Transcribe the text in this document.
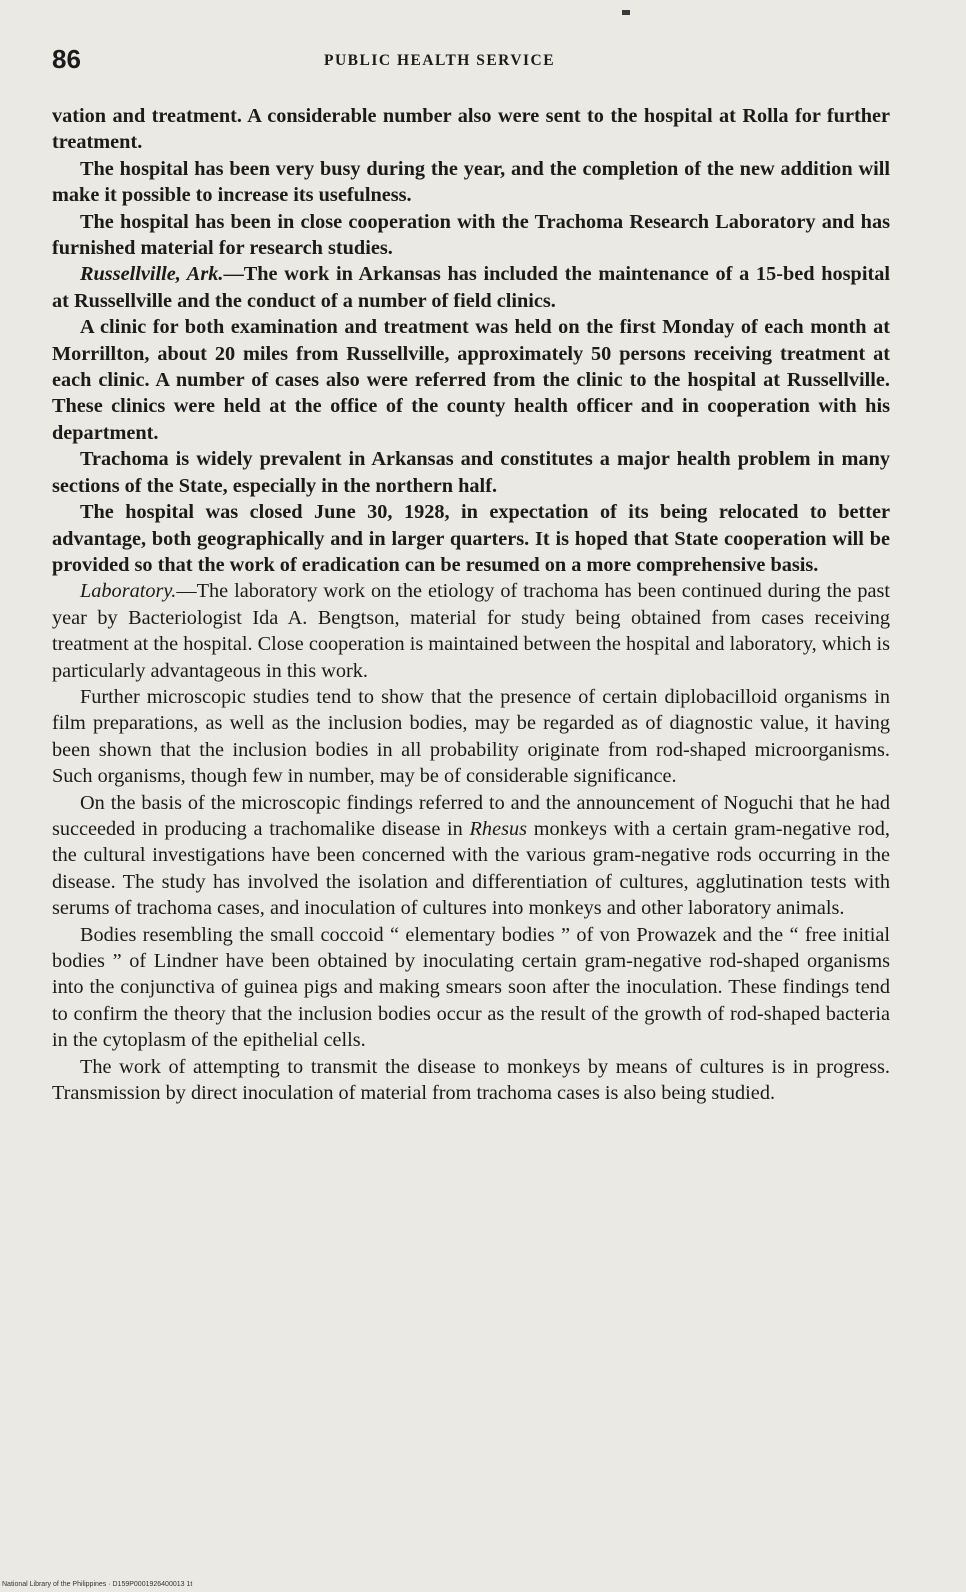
86	PUBLIC HEALTH SERVICE

vation and treatment. A considerable number also were sent to the hospital at Rolla for further treatment.

The hospital has been very busy during the year, and the completion of the new addition will make it possible to increase its usefulness.

The hospital has been in close cooperation with the Trachoma Research Laboratory and has furnished material for research studies.

Russellville, Ark.—The work in Arkansas has included the maintenance of a 15-bed hospital at Russellville and the conduct of a number of field clinics.

A clinic for both examination and treatment was held on the first Monday of each month at Morrillton, about 20 miles from Russellville, approximately 50 persons receiving treatment at each clinic. A number of cases also were referred from the clinic to the hospital at Russellville. These clinics were held at the office of the county health officer and in cooperation with his department.

Trachoma is widely prevalent in Arkansas and constitutes a major health problem in many sections of the State, especially in the northern half.

The hospital was closed June 30, 1928, in expectation of its being relocated to better advantage, both geographically and in larger quarters. It is hoped that State cooperation will be provided so that the work of eradication can be resumed on a more comprehensive basis.

Laboratory.—The laboratory work on the etiology of trachoma has been continued during the past year by Bacteriologist Ida A. Bengtson, material for study being obtained from cases receiving treatment at the hospital. Close cooperation is maintained between the hospital and laboratory, which is particularly advantageous in this work.

Further microscopic studies tend to show that the presence of certain diplobacilloid organisms in film preparations, as well as the inclusion bodies, may be regarded as of diagnostic value, it having been shown that the inclusion bodies in all probability originate from rod-shaped microorganisms. Such organisms, though few in number, may be of considerable significance.

On the basis of the microscopic findings referred to and the announcement of Noguchi that he had succeeded in producing a trachomalike disease in Rhesus monkeys with a certain gram-negative rod, the cultural investigations have been concerned with the various gram-negative rods occurring in the disease. The study has involved the isolation and differentiation of cultures, agglutination tests with serums of trachoma cases, and inoculation of cultures into monkeys and other laboratory animals.

Bodies resembling the small coccoid “ elementary bodies ” of von Prowazek and the “ free initial bodies ” of Lindner have been obtained by inoculating certain gram-negative rod-shaped organisms into the conjunctiva of guinea pigs and making smears soon after the inoculation. These findings tend to confirm the theory that the inclusion bodies occur as the result of the growth of rod-shaped bacteria in the cytoplasm of the epithelial cells.

The work of attempting to transmit the disease to monkeys by means of cultures is in progress. Transmission by direct inoculation of material from trachoma cases is also being studied.

National Library of the Philippines · D159P0001926400013 1t
